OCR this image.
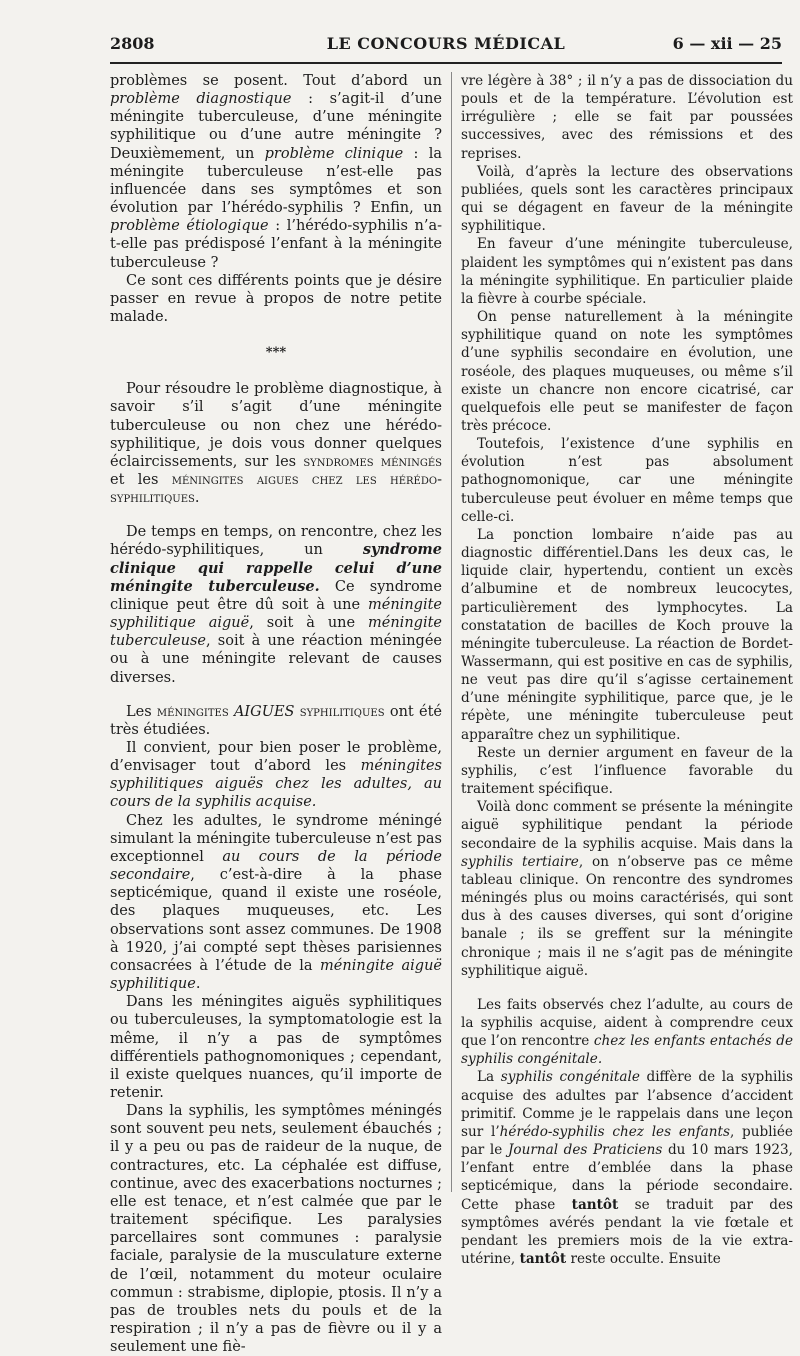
2808	LE CONCOURS MÉDICAL	6 — xii — 25

problèmes se posent. Tout d’abord un problème diagnostique : s’agit-il d’une méningite tuberculeuse, d’une méningite syphilitique ou d’une autre méningite ? Deuxièmement, un problème clinique : la méningite tuberculeuse n’est-elle pas influencée dans ses symptômes et son évolution par l’hérédo-syphilis ? Enfin, un problème étiologique : l’hérédo-syphilis n’a-t-elle pas prédisposé l’enfant à la méningite tuberculeuse ?

Ce sont ces différents points que je désire passer en revue à propos de notre petite malade.

***

Pour résoudre le problème diagnostique, à savoir s’il s’agit d’une méningite tuberculeuse ou non chez une hérédo-syphilitique, je dois vous donner quelques éclaircissements, sur les syndromes méningés et les méningites aigues chez les hérédo-syphilitiques.

De temps en temps, on rencontre, chez les hérédo-syphilitiques, un syndrome clinique qui rappelle celui d’une méningite tuberculeuse. Ce syndrome clinique peut être dû soit à une méningite syphilitique aiguë, soit à une méningite tuberculeuse, soit à une réaction méningée ou à une méningite relevant de causes diverses.

Les méningites AIGUES syphilitiques ont été très étudiées.

Il convient, pour bien poser le problème, d’envisager tout d’abord les méningites syphilitiques aiguës chez les adultes, au cours de la syphilis acquise.

Chez les adultes, le syndrome méningé simulant la méningite tuberculeuse n’est pas exceptionnel au cours de la période secondaire, c’est-à-dire à la phase septicémique, quand il existe une roséole, des plaques muqueuses, etc. Les observations sont assez communes. De 1908 à 1920, j’ai compté sept thèses parisiennes consacrées à l’étude de la méningite aiguë syphilitique.

Dans les méningites aiguës syphilitiques ou tuberculeuses, la symptomatologie est la même, il n’y a pas de symptômes différentiels pathognomoniques ; cependant, il existe quelques nuances, qu’il importe de retenir.

Dans la syphilis, les symptômes méningés sont souvent peu nets, seulement ébauchés ; il y a peu ou pas de raideur de la nuque, de contractures, etc. La céphalée est diffuse, continue, avec des exacerbations nocturnes ; elle est tenace, et n’est calmée que par le traitement spécifique. Les paralysies parcellaires sont communes : paralysie faciale, paralysie de la musculature externe de l’œil, notamment du moteur oculaire commun : strabisme, diplopie, ptosis. Il n’y a pas de troubles nets du pouls et de la respiration ; il n’y a pas de fièvre ou il y a seulement une fiè-

vre légère à 38° ; il n’y a pas de dissociation du pouls et de la température. L’évolution est irrégulière ; elle se fait par poussées successives, avec des rémissions et des reprises.

Voilà, d’après la lecture des observations publiées, quels sont les caractères principaux qui se dégagent en faveur de la méningite syphilitique.

En faveur d’une méningite tuberculeuse, plaident les symptômes qui n’existent pas dans la méningite syphilitique. En particulier plaide la fièvre à courbe spéciale.

On pense naturellement à la méningite syphilitique quand on note les symptômes d’une syphilis secondaire en évolution, une roséole, des plaques muqueuses, ou même s’il existe un chancre non encore cicatrisé, car quelquefois elle peut se manifester de façon très précoce.

Toutefois, l’existence d’une syphilis en évolution n’est pas absolument pathognomonique, car une méningite tuberculeuse peut évoluer en même temps que celle-ci.

La ponction lombaire n’aide pas au diagnostic différentiel.Dans les deux cas, le liquide clair, hypertendu, contient un excès d’albumine et de nombreux leucocytes, particulièrement des lymphocytes. La constatation de bacilles de Koch prouve la méningite tuberculeuse. La réaction de Bordet-Wassermann, qui est positive en cas de syphilis, ne veut pas dire qu’il s’agisse certainement d’une méningite syphilitique, parce que, je le répète, une méningite tuberculeuse peut apparaître chez un syphilitique.

Reste un dernier argument en faveur de la syphilis, c’est l’influence favorable du traitement spécifique.

Voilà donc comment se présente la méningite aiguë syphilitique pendant la période secondaire de la syphilis acquise. Mais dans la syphilis tertiaire, on n’observe pas ce même tableau clinique. On rencontre des syndromes méningés plus ou moins caractérisés, qui sont dus à des causes diverses, qui sont d’origine banale ; ils se greffent sur la méningite chronique ; mais il ne s’agit pas de méningite syphilitique aiguë.

Les faits observés chez l’adulte, au cours de la syphilis acquise, aident à comprendre ceux que l’on rencontre chez les enfants entachés de syphilis congénitale.

La syphilis congénitale diffère de la syphilis acquise des adultes par l’absence d’accident primitif. Comme je le rappelais dans une leçon sur l’hérédo-syphilis chez les enfants, publiée par le Journal des Praticiens du 10 mars 1923, l’enfant entre d’emblée dans la phase septicémique, dans la période secondaire. Cette phase tantôt se traduit par des symptômes avérés pendant la vie fœtale et pendant les premiers mois de la vie extra-utérine, tantôt reste occulte. Ensuite
